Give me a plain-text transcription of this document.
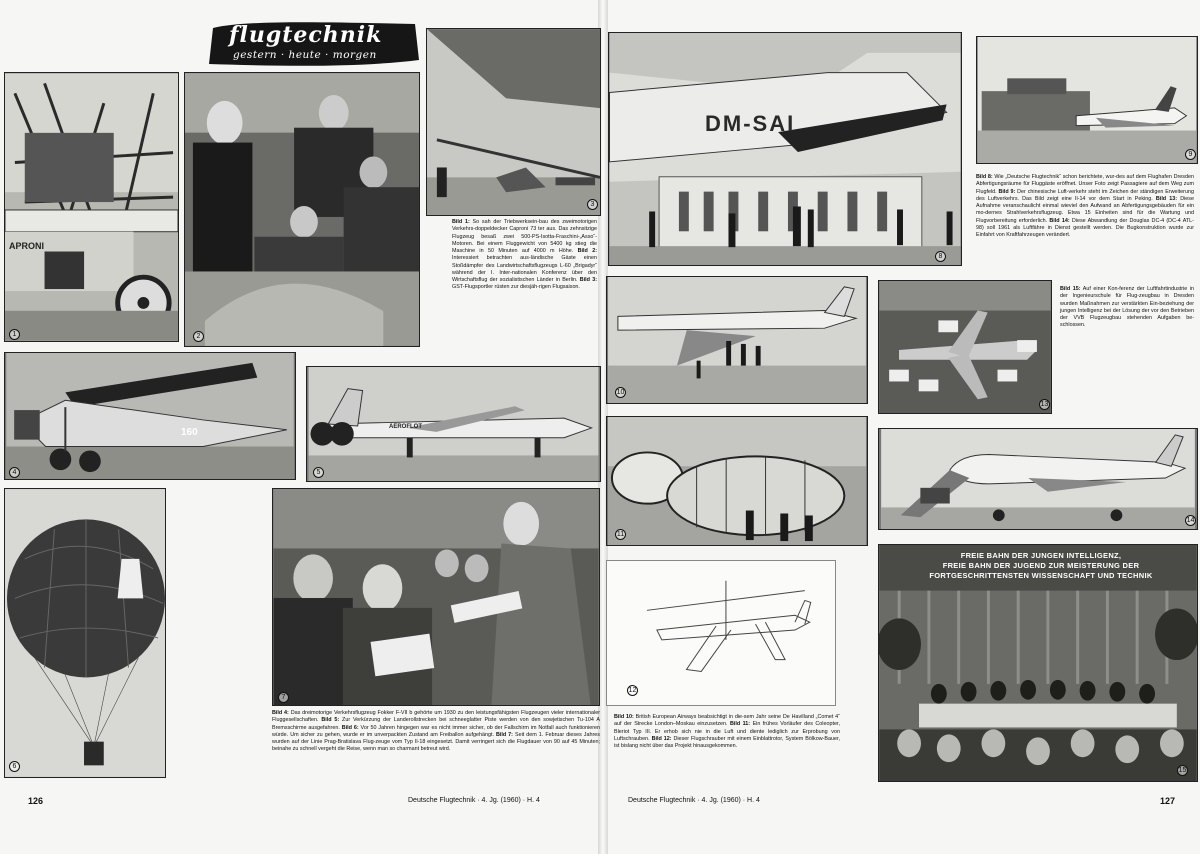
flugtechnik
gestern · heute · morgen
APRONI
1	2
3
Bild 1: So sah der Triebwerksein-bau des zweimotorigen Verkehrs-doppeldecker Caproni 73 ter aus. Das zehnsitzige Flugzeug besaß zwei 500-PS-Isotta-Fraschini-„Asso“-Motoren. Bei einem Fluggewicht von 5400 kg stieg die Maschine in 50 Minuten auf 4000 m Höhe. Bild 2: Interessiert betrachten aus-ländische Gäste einen Stoßdämpfer des Landwirtschaftsflugzeugs L-60 „Brigadyr“ während der I. Inter-nationalen Konferenz über den Wirtschaftsflug der sozialistischen Länder in Berlin. Bild 3: GST-Flugsportler rüsten zur diesjäh-rigen Flugsaison.
160
4
AEROFLOT
5
6
Bild 4: Das dreimotorige Verkehrsflugzeug Fokker F-VII b gehörte um 1930 zu den leistungsfähigsten Flugzeugen vieler internationaler Fluggesellschaften. Bild 5: Zur Verkürzung der Landerollstrecken bei schneeglatter Piste werden von den sowjetischen Tu-104 A Bremsschirme ausgefahren. Bild 6: Vor 50 Jahren hingegen war es nicht immer sicher, ob der Fallschirm im Notfall auch funktionieren würde. Um sicher zu gehen, wurde er im unverpackten Zustand am Freiballon aufgehängt. Bild 7: Seit dem 1. Februar dieses Jahres wurden auf der Linie Prag-Bratislava Flug-zeuge vom Typ Il-18 eingesetzt. Damit verringert sich die Flugdauer von 90 auf 45 Minuten; beinahe zu schnell vergeht die Reise, wenn man so charmant betreut wird.
126	Deutsche Flugtechnik · 4. Jg. (1960) · H. 4
DM-SAI
8
9
Bild 8: Wie „Deutsche Flugtechnik“ schon berichtete, wur-des auf dem Flughafen Dresden Abfertigungsräume für Fluggäste eröffnet. Unser Foto zeigt Passagiere auf dem Weg zum Flugfeld. Bild 9: Der chinesische Luft-verkehr steht im Zeichen der ständigen Erweiterung des Luftverkehrs. Das Bild zeigt eine Il-14 vor dem Start in Peking. Bild 13: Diese Aufnahme veranschaulicht einmal wieviel den Aufwand an Abfertigungsgebäuden für ein mo-dernes Strahlverkehrsflugzeug. Etwa 15 Einheiten sind für die Wartung und Flugvorbereitung erforderlich. Bild 14: Diese Abwandlung der Douglas DC-4 (DC-4 ATL-98) soll 1961 als Luftfähre in Dienst gestellt werden. Die Bugkonstruktion wurde zur Einfahrt von Kraftfahrzeugen verändert.
Bild 15: Auf einer Kon-ferenz der Luftfahrtindustrie in der Ingenieurschule für Flug-zeugbau in Dresden wurden Maßnahmen zur verstärkten Ein-beziehung der jungen Intelligenz bei der Lösung der vor den Betrieben der VVB Flugzeugbau stehenden Aufgaben be-schlossen.
10
13
11
14
12
Bild 10: British European Airways beabsichtigt in die-sem Jahr seine De Havilland „Comet 4“ auf der Strecke London–Moskau einzusetzen. Bild 11: Ein frühes Vorläufer des Coleopter, Bleriot Typ III. Er erhob sich nie in die Luft und diente lediglich zur Erprobung von Luftschrauben. Bild 12: Dieser Flugschrauber mit einem Einblattrotor, System Bölkow-Bauer, ist bislang nicht über das Projekt hinausgekommen.
FREIE BAHN DER JUNGEN INTELLIGENZ,
FREIE BAHN DER JUGEND ZUR MEISTERUNG DER
FORTGESCHRITTENSTEN WISSENSCHAFT UND TECHNIK
15
Deutsche Flugtechnik · 4. Jg. (1960) · H. 4	127
7
